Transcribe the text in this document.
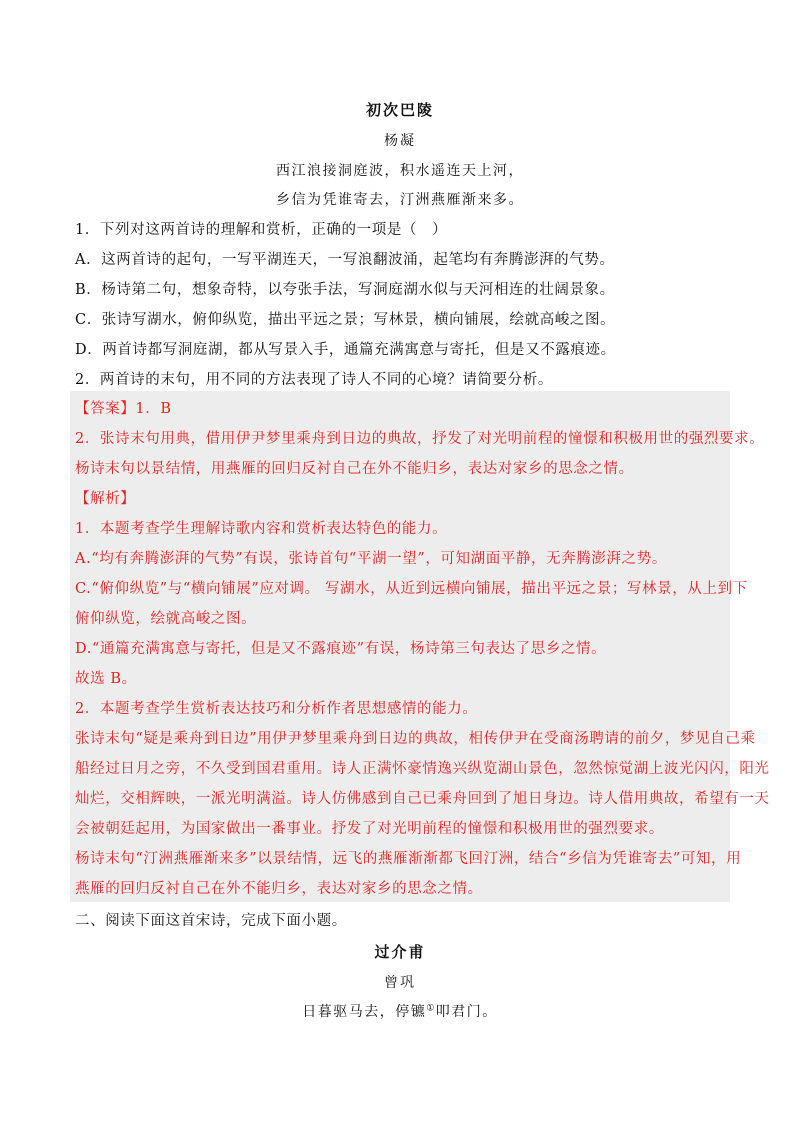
初次巴陵
杨凝
西江浪接洞庭波，积水遥连天上河，
乡信为凭谁寄去，汀洲燕雁渐来多。
1．下列对这两首诗的理解和赏析，正确的一项是（　）
A．这两首诗的起句，一写平湖连天，一写浪翻波涌，起笔均有奔腾澎湃的气势。
B．杨诗第二句，想象奇特，以夸张手法，写洞庭湖水似与天河相连的壮阔景象。
C．张诗写湖水，俯仰纵览，描出平远之景；写林景，横向铺展，绘就高峻之图。
D．两首诗都写洞庭湖，都从写景入手，通篇充满寓意与寄托，但是又不露痕迹。
2．两首诗的末句，用不同的方法表现了诗人不同的心境？请简要分析。
【答案】1．B
2．张诗末句用典，借用伊尹梦里乘舟到日边的典故，抒发了对光明前程的憧憬和积极用世的强烈要求。
杨诗末句以景结情，用燕雁的回归反衬自己在外不能归乡，表达对家乡的思念之情。
【解析】
1．本题考查学生理解诗歌内容和赏析表达特色的能力。
A.“均有奔腾澎湃的气势”有误，张诗首句“平湖一望”，可知湖面平静，无奔腾澎湃之势。
C.“俯仰纵览”与“横向铺展”应对调。 写湖水，从近到远横向铺展，描出平远之景；写林景，从上到下
俯仰纵览，绘就高峻之图。
D.“通篇充满寓意与寄托，但是又不露痕迹”有误，杨诗第三句表达了思乡之情。
故选 B。
2．本题考查学生赏析表达技巧和分析作者思想感情的能力。
张诗末句“疑是乘舟到日边”用伊尹梦里乘舟到日边的典故，相传伊尹在受商汤聘请的前夕，梦见自己乘
船经过日月之旁，不久受到国君重用。诗人正满怀豪情逸兴纵览湖山景色，忽然惊觉湖上波光闪闪，阳光
灿烂，交相辉映，一派光明满溢。诗人仿佛感到自己已乘舟回到了旭日身边。诗人借用典故，希望有一天
会被朝廷起用，为国家做出一番事业。抒发了对光明前程的憧憬和积极用世的强烈要求。
杨诗末句“汀洲燕雁渐来多”以景结情，远飞的燕雁渐渐都飞回汀洲，结合“乡信为凭谁寄去”可知，用
燕雁的回归反衬自己在外不能归乡，表达对家乡的思念之情。
二、阅读下面这首宋诗，完成下面小题。
过介甫
曾巩
日暮驱马去，停镳①叩君门。
